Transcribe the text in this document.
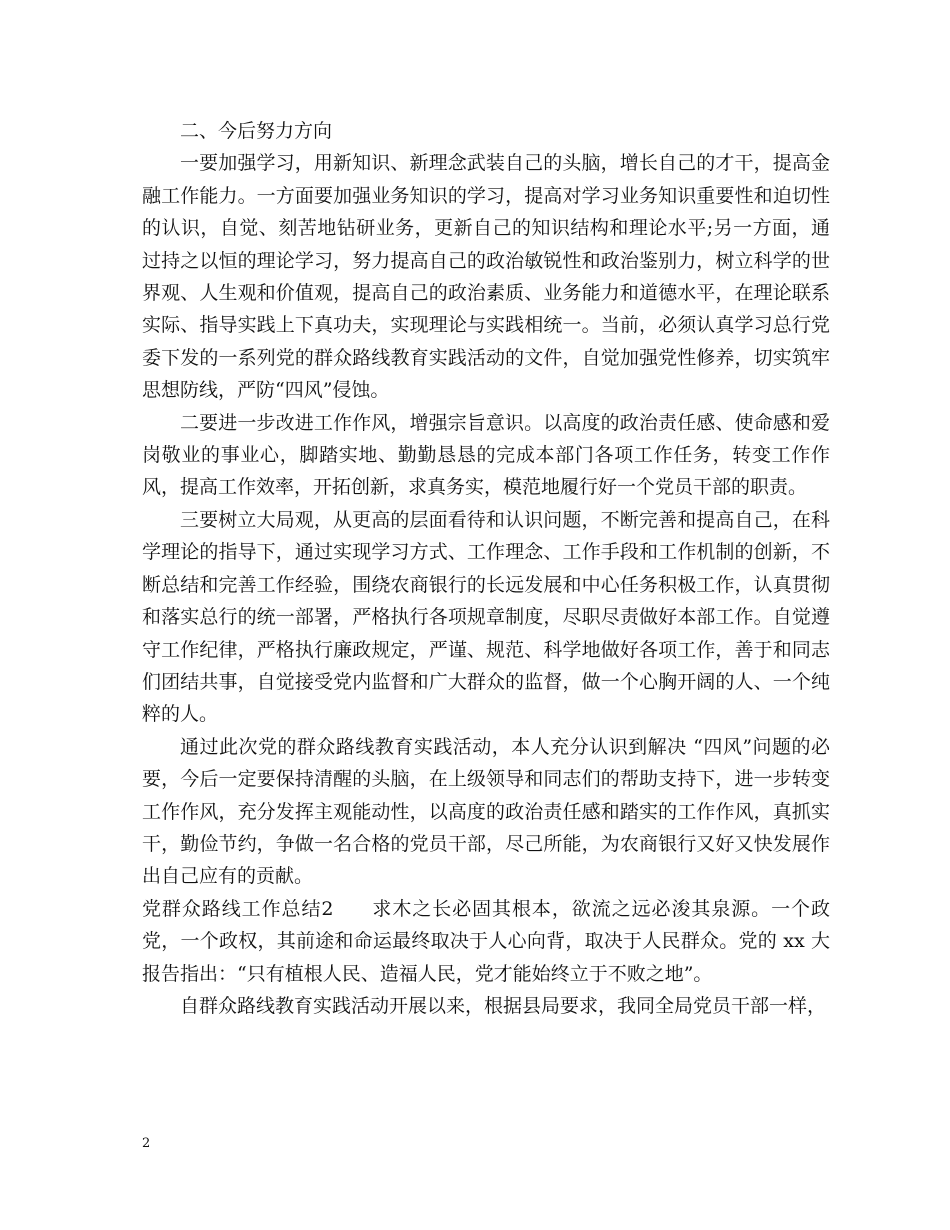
二、今后努力方向

一要加强学习，用新知识、新理念武装自己的头脑，增长自己的才干，提高金融工作能力。一方面要加强业务知识的学习，提高对学习业务知识重要性和迫切性的认识，自觉、刻苦地钻研业务，更新自己的知识结构和理论水平;另一方面，通过持之以恒的理论学习，努力提高自己的政治敏锐性和政治鉴别力，树立科学的世界观、人生观和价值观，提高自己的政治素质、业务能力和道德水平，在理论联系实际、指导实践上下真功夫，实现理论与实践相统一。当前，必须认真学习总行党委下发的一系列党的群众路线教育实践活动的文件，自觉加强党性修养，切实筑牢思想防线，严防“四风”侵蚀。

二要进一步改进工作作风，增强宗旨意识。以高度的政治责任感、使命感和爱岗敬业的事业心，脚踏实地、勤勤恳恳的完成本部门各项工作任务，转变工作作风，提高工作效率，开拓创新，求真务实，模范地履行好一个党员干部的职责。

三要树立大局观，从更高的层面看待和认识问题，不断完善和提高自己，在科学理论的指导下，通过实现学习方式、工作理念、工作手段和工作机制的创新，不断总结和完善工作经验，围绕农商银行的长远发展和中心任务积极工作，认真贯彻和落实总行的统一部署，严格执行各项规章制度，尽职尽责做好本部工作。自觉遵守工作纪律，严格执行廉政规定，严谨、规范、科学地做好各项工作，善于和同志们团结共事，自觉接受党内监督和广大群众的监督，做一个心胸开阔的人、一个纯粹的人。

通过此次党的群众路线教育实践活动，本人充分认识到解决 “四风”问题的必要，今后一定要保持清醒的头脑，在上级领导和同志们的帮助支持下，进一步转变工作作风，充分发挥主观能动性，以高度的政治责任感和踏实的工作作风，真抓实干，勤俭节约，争做一名合格的党员干部，尽己所能，为农商银行又好又快发展作出自己应有的贡献。

党群众路线工作总结2 求木之长必固其根本，欲流之远必浚其泉源。一个政党，一个政权，其前途和命运最终取决于人心向背，取决于人民群众。党的 xx 大报告指出：“只有植根人民、造福人民，党才能始终立于不败之地”。

自群众路线教育实践活动开展以来，根据县局要求，我同全局党员干部一样，

2
